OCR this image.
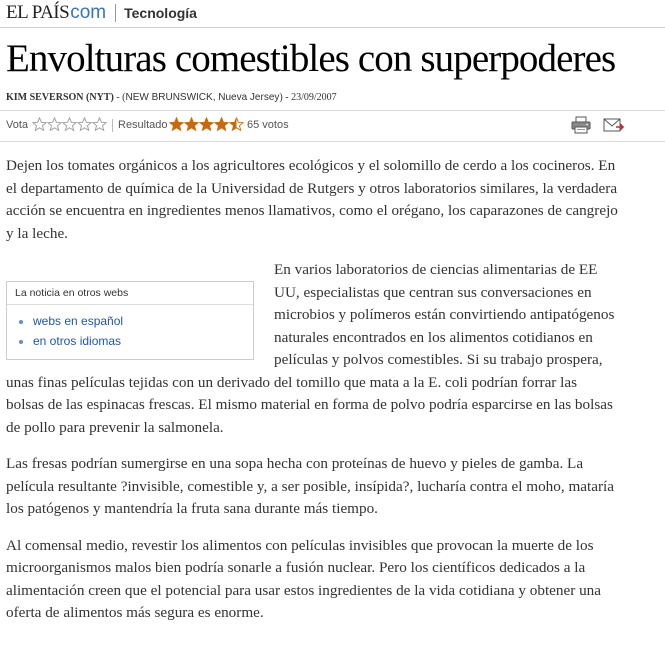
EL PAÍS com Tecnología
Envolturas comestibles con superpoderes
KIM SEVERSON (NYT) - (NEW BRUNSWICK, Nueva Jersey) - 23/09/2007
Vota	Resultado	65 votos

Dejen los tomates orgánicos a los agricultores ecológicos y el solomillo de cerdo a los cocineros. En el departamento de química de la Universidad de Rutgers y otros laboratorios similares, la verdadera acción se encuentra en ingredientes menos llamativos, como el orégano, los caparazones de cangrejo y la leche.

La noticia en otros webs
• webs en español
• en otros idiomas

En varios laboratorios de ciencias alimentarias de EE UU, especialistas que centran sus conversaciones en microbios y polímeros están convirtiendo antipatógenos naturales encontrados en los alimentos cotidianos en películas y polvos comestibles. Si su trabajo prospera, unas finas películas tejidas con un derivado del tomillo que mata a la E. coli podrían forrar las bolsas de las espinacas frescas. El mismo material en forma de polvo podría esparcirse en las bolsas de pollo para prevenir la salmonela.

Las fresas podrían sumergirse en una sopa hecha con proteínas de huevo y pieles de gamba. La película resultante ?invisible, comestible y, a ser posible, insípida?, lucharía contra el moho, mataría los patógenos y mantendría la fruta sana durante más tiempo.

Al comensal medio, revestir los alimentos con películas invisibles que provocan la muerte de los microorganismos malos bien podría sonarle a fusión nuclear. Pero los científicos dedicados a la alimentación creen que el potencial para usar estos ingredientes de la vida cotidiana y obtener una oferta de alimentos más segura es enorme.
